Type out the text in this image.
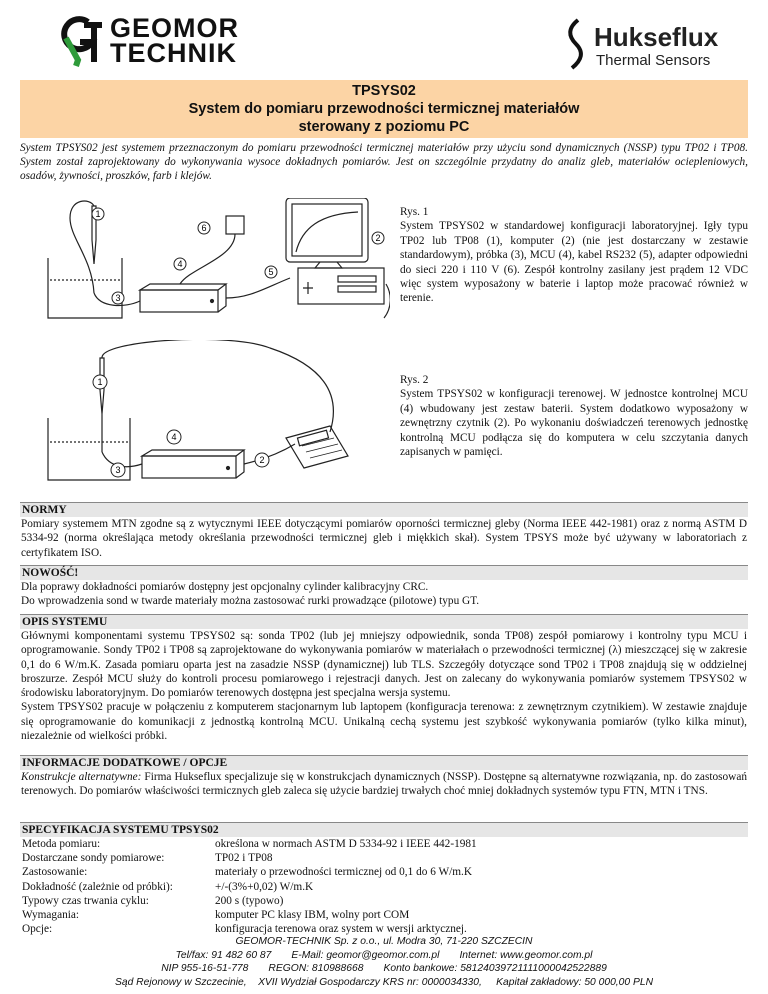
GEOMOR
TECHNIK
Hukseflux
Thermal Sensors
TPSYS02
System do pomiaru przewodności termicznej materiałów
sterowany z poziomu PC
System TPSYS02 jest systemem przeznaczonym do pomiaru przewodności termicznej materiałów przy użyciu sond dynamicznych (NSSP) typu TP02 i TP08. System został zaprojektowany do wykonywania wysoce dokładnych pomiarów. Jest on szczególnie przydatny do analiz gleb, materiałów ociepleniowych, osadów, żywności, proszków, farb i klejów.
1
2
3
4
5
6
Rys. 1
System TPSYS02 w standardowej konfiguracji laboratoryjnej. Igły typu TP02 lub TP08 (1), komputer (2) (nie jest dostarczany w zestawie standardowym), próbka (3), MCU (4), kabel RS232 (5), adapter odpowiedni do sieci 220 i 110 V (6). Zespół kontrolny zasilany jest prądem 12 VDC więc system wyposażony w baterie i laptop może pracować również w terenie.
1
2
3
4
Rys. 2
System TPSYS02 w konfiguracji terenowej. W jednostce kontrolnej MCU (4) wbudowany jest zestaw baterii. System dodatkowo wyposażony w zewnętrzny czytnik (2). Po wykonaniu doświadczeń terenowych jednostkę kontrolną MCU podłącza się do komputera w celu szczytania danych zapisanych w pamięci.
NORMY
Pomiary systemem MTN zgodne są z wytycznymi IEEE dotyczącymi pomiarów oporności termicznej gleby (Norma IEEE 442-1981) oraz z normą ASTM D 5334-92 (norma określająca metody określania przewodności termicznej gleb i miękkich skał). System TPSYS może być używany w laboratoriach z certyfikatem ISO.
NOWOŚĆ!

Dla poprawy dokładności pomiarów dostępny jest opcjonalny cylinder kalibracyjny CRC.

Do wprowadzenia sond w twarde materiały można zastosować rurki prowadzące (pilotowe) typu GT.

OPIS SYSTEMU

Głównymi komponentami systemu TPSYS02 są: sonda TP02 (lub jej mniejszy odpowiednik, sonda TP08) zespół pomiarowy i kontrolny typu MCU i oprogramowanie. Sondy TP02 i TP08 są zaprojektowane do wykonywania pomiarów w materiałach o przewodności termicznej (λ) mieszczącej się w zakresie 0,1 do 6 W/m.K. Zasada pomiaru oparta jest na zasadzie NSSP (dynamicznej) lub TLS. Szczegóły dotyczące sond TP02 i TP08 znajdują się w oddzielnej broszurze. Zespół MCU służy do kontroli procesu pomiarowego i rejestracji danych. Jest on zalecany do wykonywania pomiarów systemem TPSYS02 w środowisku laboratoryjnym. Do pomiarów terenowych dostępna jest specjalna wersja systemu.

System TPSYS02 pracuje w połączeniu z komputerem stacjonarnym lub laptopem (konfiguracja terenowa: z zewnętrznym czytnikiem). W zestawie znajduje się oprogramowanie do komunikacji z jednostką kontrolną MCU. Unikalną cechą systemu jest szybkość wykonywania pomiarów (tylko kilka minut), niezależnie od wielkości próbki.

INFORMACJE DODATKOWE / OPCJE

Konstrukcje alternatywne: Firma Hukseflux specjalizuje się w konstrukcjach dynamicznych (NSSP). Dostępne są alternatywne rozwiązania, np. do zastosowań terenowych. Do pomiarów właściwości termicznych gleb zaleca się użycie bardziej trwałych choć mniej dokładnych systemów typu FTN, MTN i TNS.

SPECYFIKACJA SYSTEMU TPSYS02
Metoda pomiaru:	określona w normach ASTM D 5334-92 i IEEE 442-1981
Dostarczane sondy pomiarowe:	TP02 i TP08
Zastosowanie:	materiały o przewodności termicznej od 0,1 do 6 W/m.K
Dokładność (zależnie od próbki):	+/-(3%+0,02) W/m.K
Typowy czas trwania cyklu:	200 s (typowo)
Wymagania:	komputer PC klasy IBM, wolny port COM
Opcje:	konfiguracja terenowa oraz system w wersji arktycznej.
GEOMOR-TECHNIK Sp. z o.o., ul. Modra 30, 71-220 SZCZECIN
Tel/fax: 91 482 60 87 E-Mail: geomor@geomor.com.pl Internet: www.geomor.com.pl
NIP 955-16-51-778 REGON: 810988668 Konto bankowe: 58124039721111000042522889
Sąd Rejonowy w Szczecinie, XVII Wydział Gospodarczy KRS nr: 0000034330, Kapitał zakładowy: 50 000,00 PLN
